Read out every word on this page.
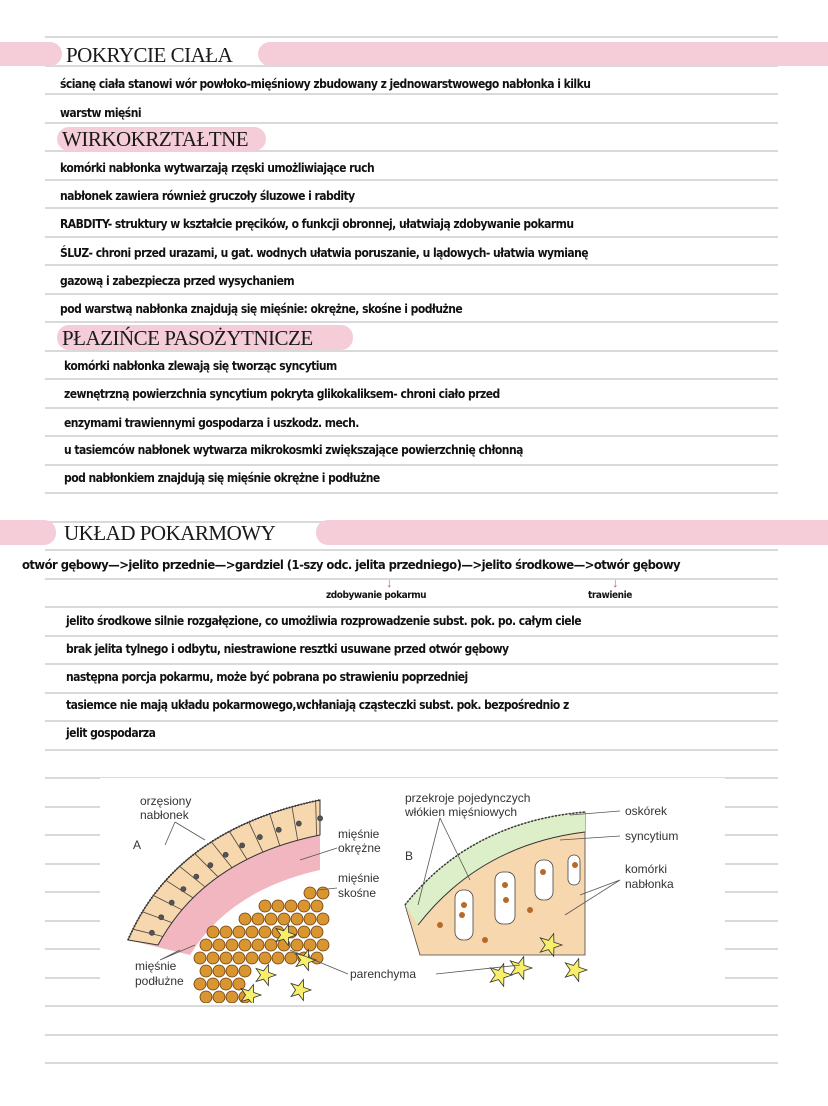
POKRYCIE CIAŁA
ścianę ciała stanowi wór powłoko-mięśniowy zbudowany z jednowarstwowego nabłonka i kilku
warstw mięśni
WIRKOKRZTAŁTNE
komórki nabłonka wytwarzają rzęski umożliwiające ruch
nabłonek zawiera również gruczoły śluzowe i rabdity
RABDITY- struktury w kształcie pręcików, o funkcji obronnej, ułatwiają zdobywanie pokarmu
ŚLUZ- chroni przed urazami, u gat. wodnych ułatwia poruszanie, u lądowych- ułatwia wymianę
gazową i zabezpiecza przed wysychaniem
pod warstwą nabłonka znajdują się mięśnie: okrężne, skośne i podłużne
PŁAZIŃCE PASOŻYTNICZE
komórki nabłonka zlewają się tworząc syncytium
zewnętrzną powierzchnia syncytium pokryta glikokaliksem- chroni ciało przed
enzymami trawiennymi gospodarza i uszkodz. mech.
u tasiemców nabłonek wytwarza mikrokosmki zwiększające powierzchnię chłonną
pod nabłonkiem znajdują się mięśnie okrężne i podłużne
UKŁAD POKARMOWY
otwór gębowy—>jelito przednie—>gardziel (1-szy odc. jelita przedniego)—>jelito środkowe—>otwór gębowy
↓	↓
zdobywanie pokarmu	trawienie
jelito środkowe silnie rozgałęzione, co umożliwia rozprowadzenie subst. pok. po. całym ciele
brak jelita tylnego i odbytu, niestrawione resztki usuwane przed otwór gębowy
następna porcja pokarmu, może być pobrana po strawieniu poprzedniej
tasiemce nie mają układu pokarmowego,wchłaniają cząsteczki subst. pok. bezpośrednio z
jelit gospodarza
orzęsiony
nabłonek
A
mięśnie
okrężne
mięśnie
skośne
mięśnie
podłużne	parenchyma
przekroje pojedynczych
włókien mięśniowych
B
oskórek
syncytium
komórki
nabłonka
